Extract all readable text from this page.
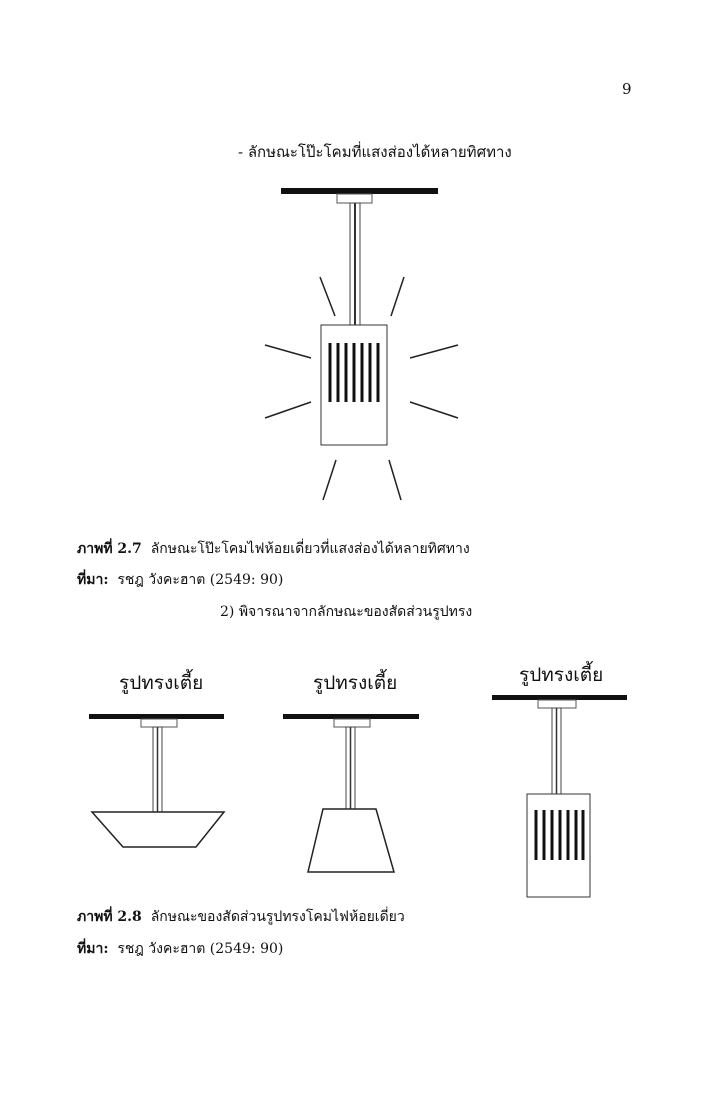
9
- ลักษณะโป๊ะโคมที่แสงส่องได้หลายทิศทาง
ภาพที่ 2.7 ลักษณะโป๊ะโคมไฟห้อยเดี่ยวที่แสงส่องได้หลายทิศทาง
ที่มา: รชฎ วังคะฮาต (2549: 90)
2) พิจารณาจากลักษณะของสัดส่วนรูปทรง
รูปทรงเตี้ย	รูปทรงเตี้ย	รูปทรงเตี้ย
ภาพที่ 2.8 ลักษณะของสัดส่วนรูปทรงโคมไฟห้อยเดี่ยว
ที่มา: รชฎ วังคะฮาต (2549: 90)
